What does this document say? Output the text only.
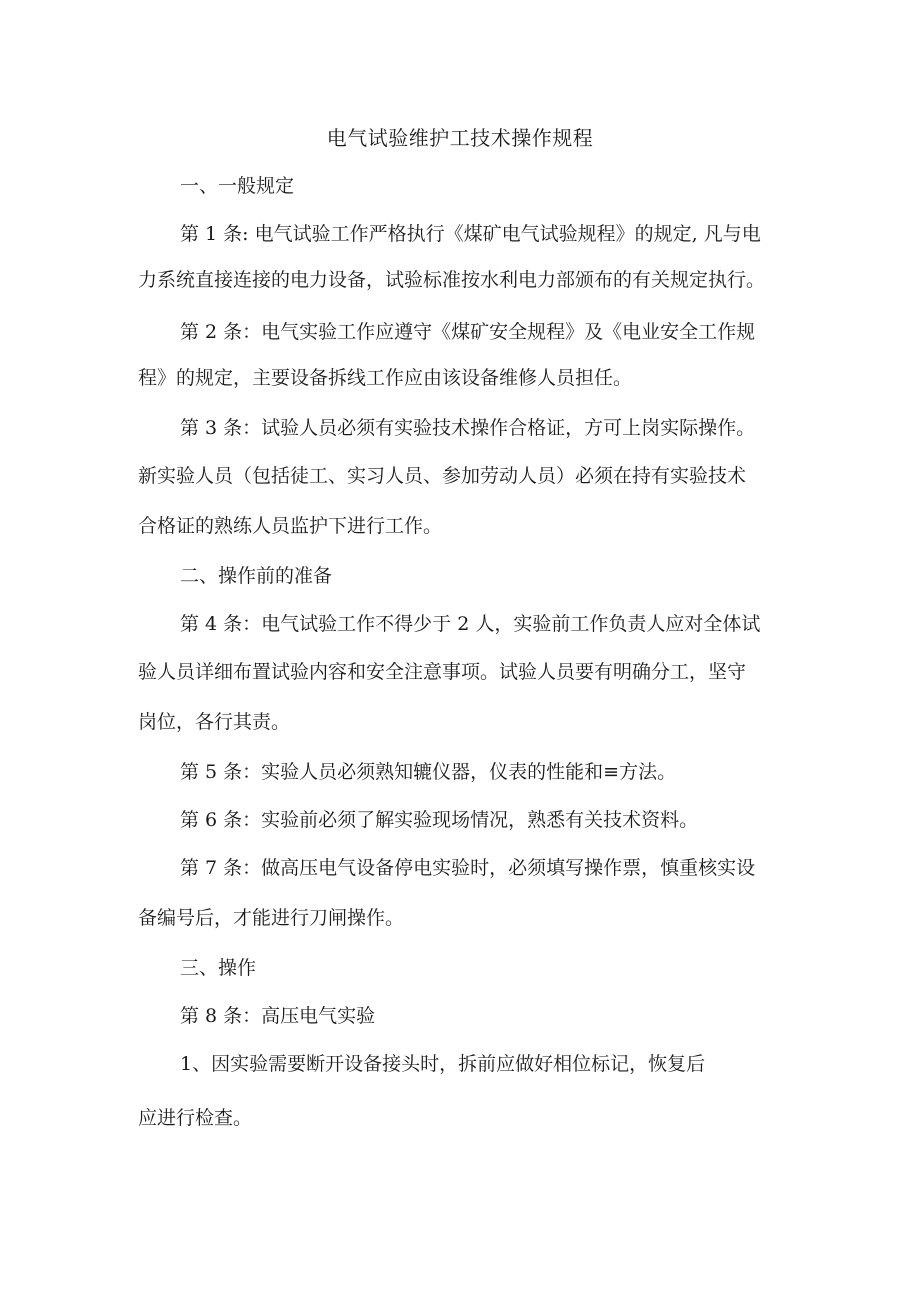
电气试验维护工技术操作规程
一、一般规定
第 1 条: 电气试验工作严格执行《煤矿电气试验规程》的规定, 凡与电
力系统直接连接的电力设备，试验标准按水利电力部颁布的有关规定执行。
第 2 条：电气实验工作应遵守《煤矿安全规程》及《电业安全工作规
程》的规定，主要设备拆线工作应由该设备维修人员担任。
第 3 条：试验人员必须有实验技术操作合格证，方可上岗实际操作。
新实验人员（包括徒工、实习人员、参加劳动人员）必须在持有实验技术
合格证的熟练人员监护下进行工作。
二、操作前的准备
第 4 条：电气试验工作不得少于 2 人，实验前工作负责人应对全体试
验人员详细布置试验内容和安全注意事项。试验人员要有明确分工，坚守
岗位，各行其责。
第 5 条：实验人员必须熟知辘仪器，仪表的性能和≡方法。
第 6 条：实验前必须了解实验现场情况，熟悉有关技术资料。
第 7 条：做高压电气设备停电实验时，必须填写操作票，慎重核实设
备编号后，才能进行刀闸操作。
三、操作
第 8 条：高压电气实验
1、因实验需要断开设备接头时，拆前应做好相位标记，恢复后
应进行检查。
